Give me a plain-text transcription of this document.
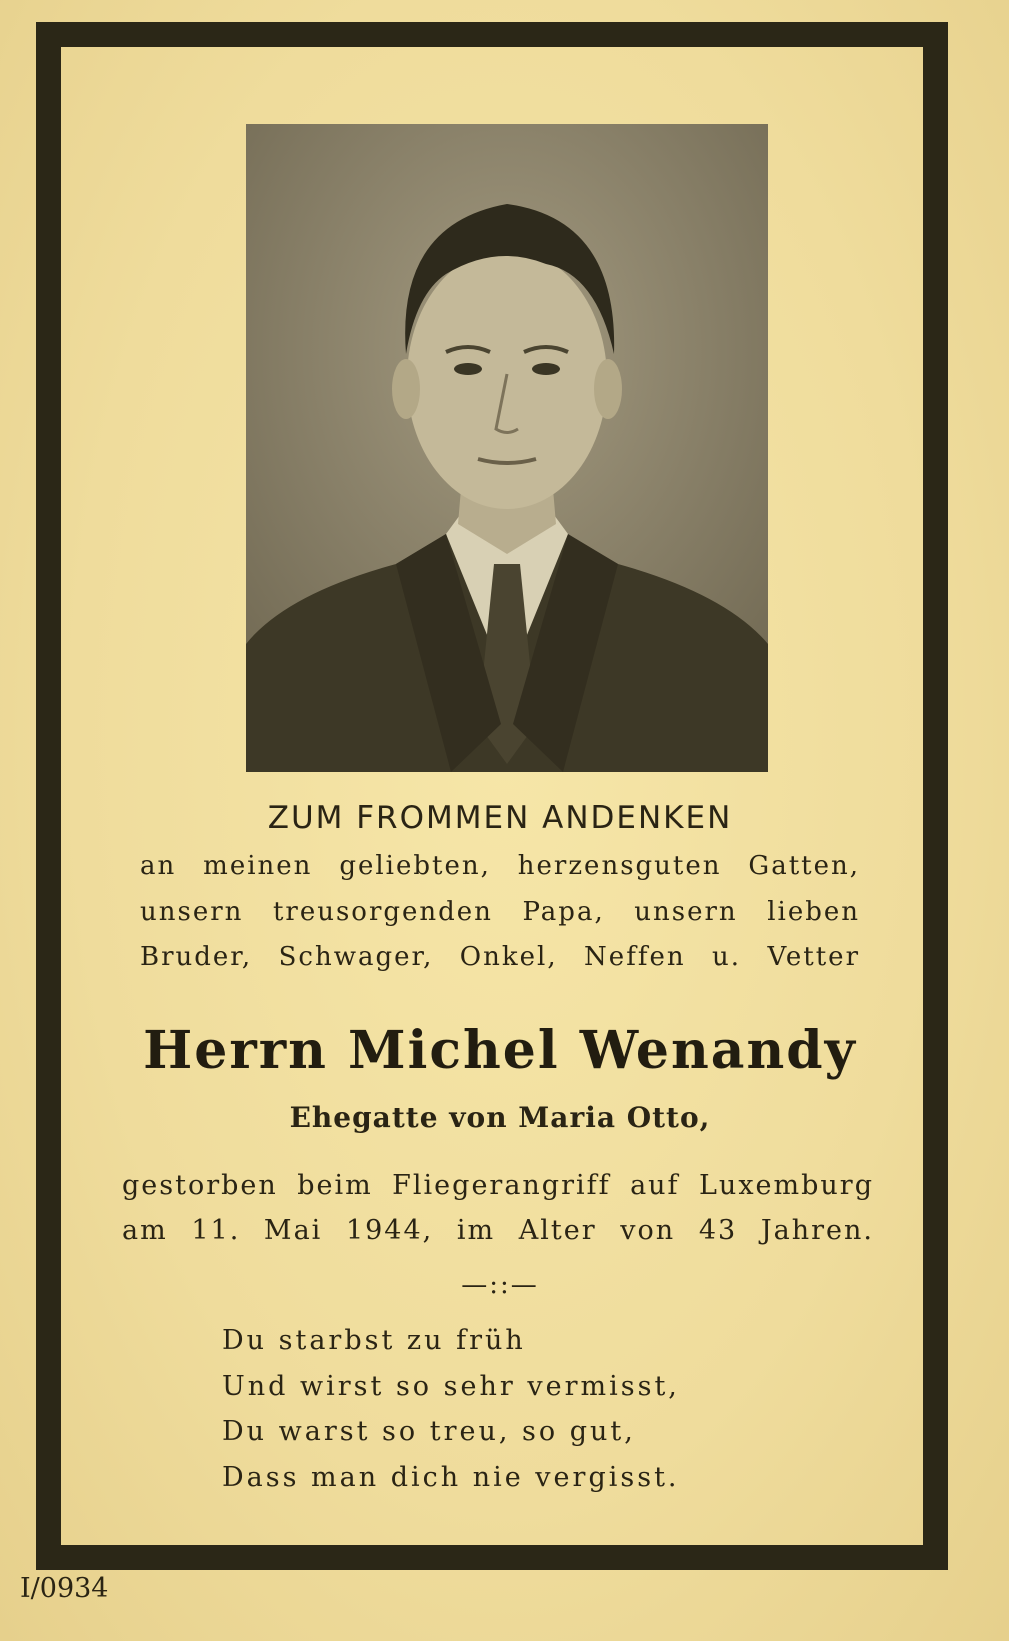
ZUM FROMMEN ANDENKEN
an meinen geliebten, herzensguten Gatten,
unsern treusorgenden Papa, unsern lieben
Bruder, Schwager, Onkel, Neffen u. Vetter
Herrn Michel Wenandy
Ehegatte von Maria Otto,
gestorben beim Fliegerangriff auf Luxemburg
am 11. Mai 1944, im Alter von 43 Jahren.
—::—
Du starbst zu früh
Und wirst so sehr vermisst,
Du warst so treu, so gut,
Dass man dich nie vergisst.
I/0934
